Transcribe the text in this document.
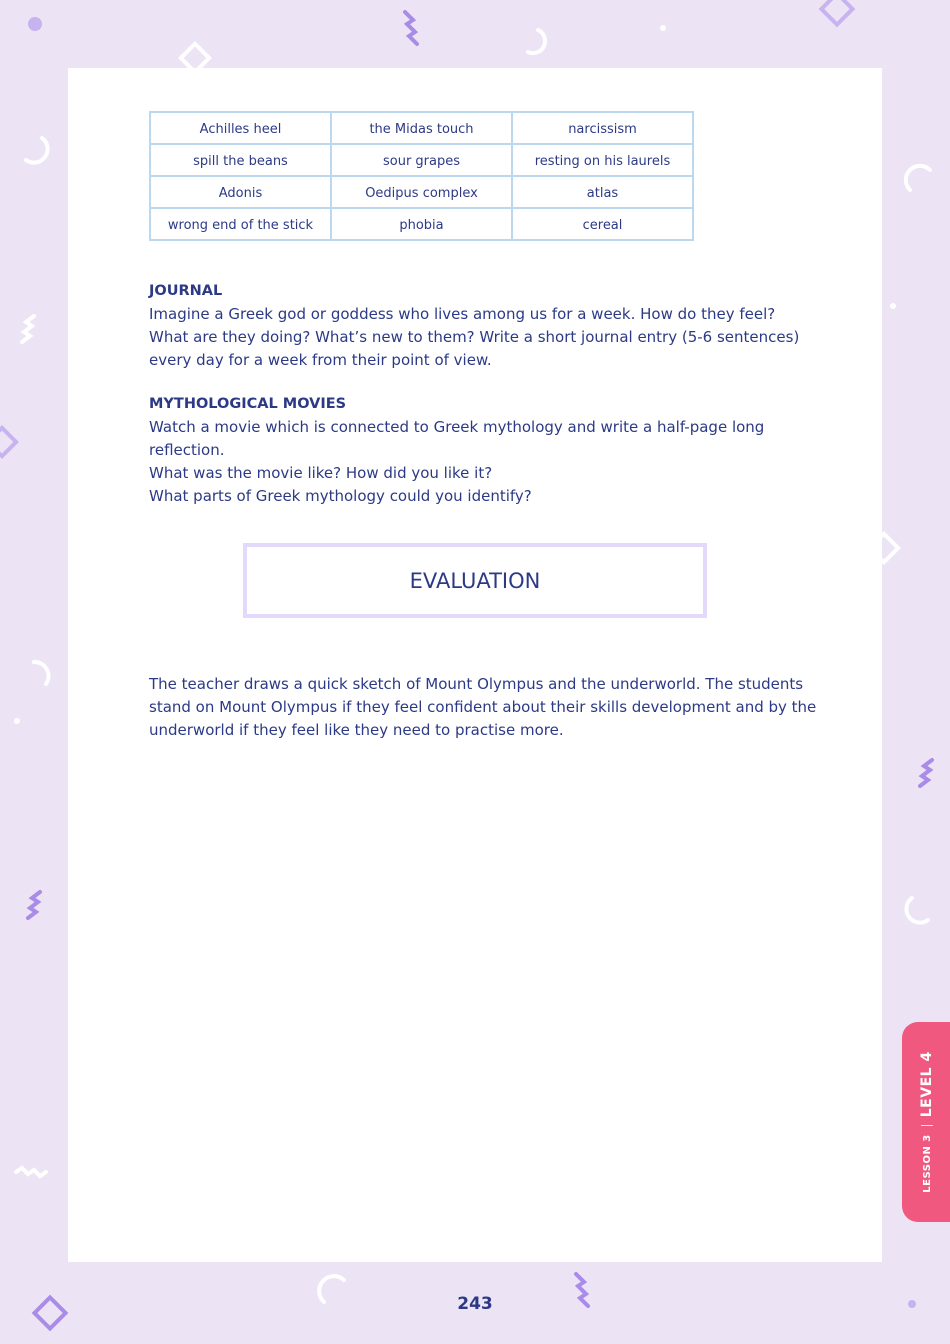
Achilles heel	the Midas touch	narcissism
spill the beans	sour grapes	resting on his laurels
Adonis	Oedipus complex	atlas
wrong end of the stick	phobia	cereal
JOURNAL
Imagine a Greek god or goddess who lives among us for a week. How do they feel?
What are they doing? What’s new to them? Write a short journal entry (5-6 sentences) every day for a week from their point of view.
MYTHOLOGICAL MOVIES
Watch a movie which is connected to Greek mythology and write a half-page long reflection.
What was the movie like? How did you like it?
What parts of Greek mythology could you identify?
EVALUATION
The teacher draws a quick sketch of Mount Olympus and the underworld. The students stand on Mount Olympus if they feel confident about their skills development and by the underworld if they feel like they need to practise more.
LESSON 3
LEVEL 4
243
